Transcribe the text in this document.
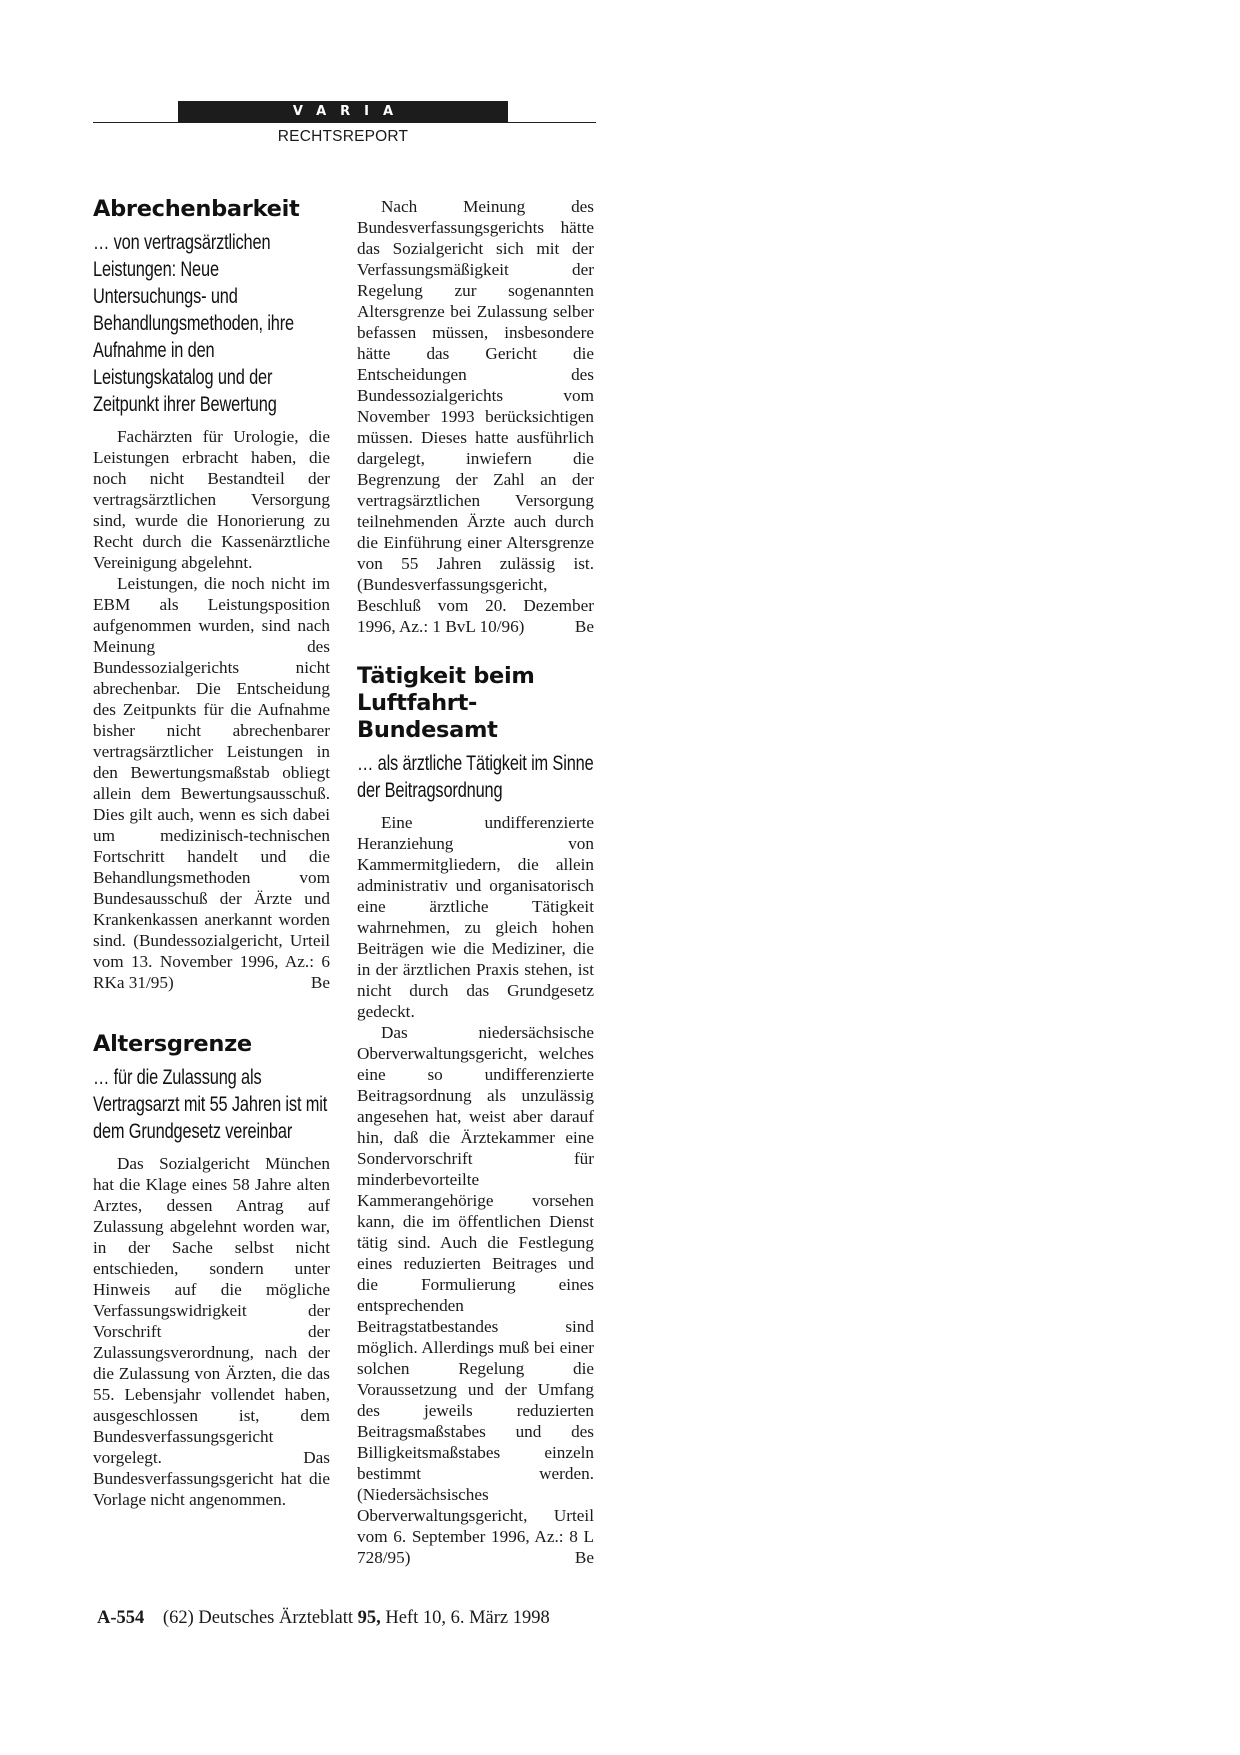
VARIA
RECHTSREPORT
Abrechenbarkeit
… von vertragsärztlichen Leistungen: Neue Untersuchungs- und Behandlungsmethoden, ihre Aufnahme in den Leistungskatalog und der Zeitpunkt ihrer Bewertung

Fachärzten für Urologie, die Leistungen erbracht haben, die noch nicht Bestandteil der vertragsärztlichen Versorgung sind, wurde die Honorierung zu Recht durch die Kassenärztliche Vereinigung abgelehnt.

Leistungen, die noch nicht im EBM als Leistungsposition aufgenommen wurden, sind nach Meinung des Bundessozialgerichts nicht abrechenbar. Die Entscheidung des Zeitpunkts für die Aufnahme bisher nicht abrechenbarer vertragsärztlicher Leistungen in den Bewertungsmaßstab obliegt allein dem Bewertungsausschuß. Dies gilt auch, wenn es sich dabei um medizinisch-technischen Fortschritt handelt und die Behandlungsmethoden vom Bundesausschuß der Ärzte und Krankenkassen anerkannt worden sind. (Bundessozialgericht, Urteil vom 13. November 1996, Az.: 6 RKa 31/95)	Be

Altersgrenze
… für die Zulassung als Vertragsarzt mit 55 Jahren ist mit dem Grundgesetz vereinbar

Das Sozialgericht München hat die Klage eines 58 Jahre alten Arztes, dessen Antrag auf Zulassung abgelehnt worden war, in der Sache selbst nicht entschieden, sondern unter Hinweis auf die mögliche Verfassungswidrigkeit der Vorschrift der Zulassungsverordnung, nach der die Zulassung von Ärzten, die das 55. Lebensjahr vollendet haben, ausgeschlossen ist, dem Bundesverfassungsgericht vorgelegt. Das Bundesverfassungsgericht hat die Vorlage nicht angenommen.

Nach Meinung des Bundesverfassungsgerichts hätte das Sozialgericht sich mit der Verfassungsmäßigkeit der Regelung zur sogenannten Altersgrenze bei Zulassung selber befassen müssen, insbesondere hätte das Gericht die Entscheidungen des Bundessozialgerichts vom November 1993 berücksichtigen müssen. Dieses hatte ausführlich dargelegt, inwiefern die Begrenzung der Zahl an der vertragsärztlichen Versorgung teilnehmenden Ärzte auch durch die Einführung einer Altersgrenze von 55 Jahren zulässig ist. (Bundesverfassungsgericht, Beschluß vom 20. Dezember 1996, Az.: 1 BvL 10/96)	Be

Tätigkeit beim Luftfahrt-Bundesamt
… als ärztliche Tätigkeit im Sinne der Beitragsordnung

Eine undifferenzierte Heranziehung von Kammermitgliedern, die allein administrativ und organisatorisch eine ärztliche Tätigkeit wahrnehmen, zu gleich hohen Beiträgen wie die Mediziner, die in der ärztlichen Praxis stehen, ist nicht durch das Grundgesetz gedeckt.

Das niedersächsische Oberverwaltungsgericht, welches eine so undifferenzierte Beitragsordnung als unzulässig angesehen hat, weist aber darauf hin, daß die Ärztekammer eine Sondervorschrift für minderbevorteilte Kammerangehörige vorsehen kann, die im öffentlichen Dienst tätig sind. Auch die Festlegung eines reduzierten Beitrages und die Formulierung eines entsprechenden Beitragstatbestandes sind möglich. Allerdings muß bei einer solchen Regelung die Voraussetzung und der Umfang des jeweils reduzierten Beitragsmaßstabes und des Billigkeitsmaßstabes einzeln bestimmt werden. (Niedersächsisches Oberverwaltungsgericht, Urteil vom 6. September 1996, Az.: 8 L 728/95)	Be

A-554 (62) Deutsches Ärzteblatt 95, Heft 10, 6. März 1998
